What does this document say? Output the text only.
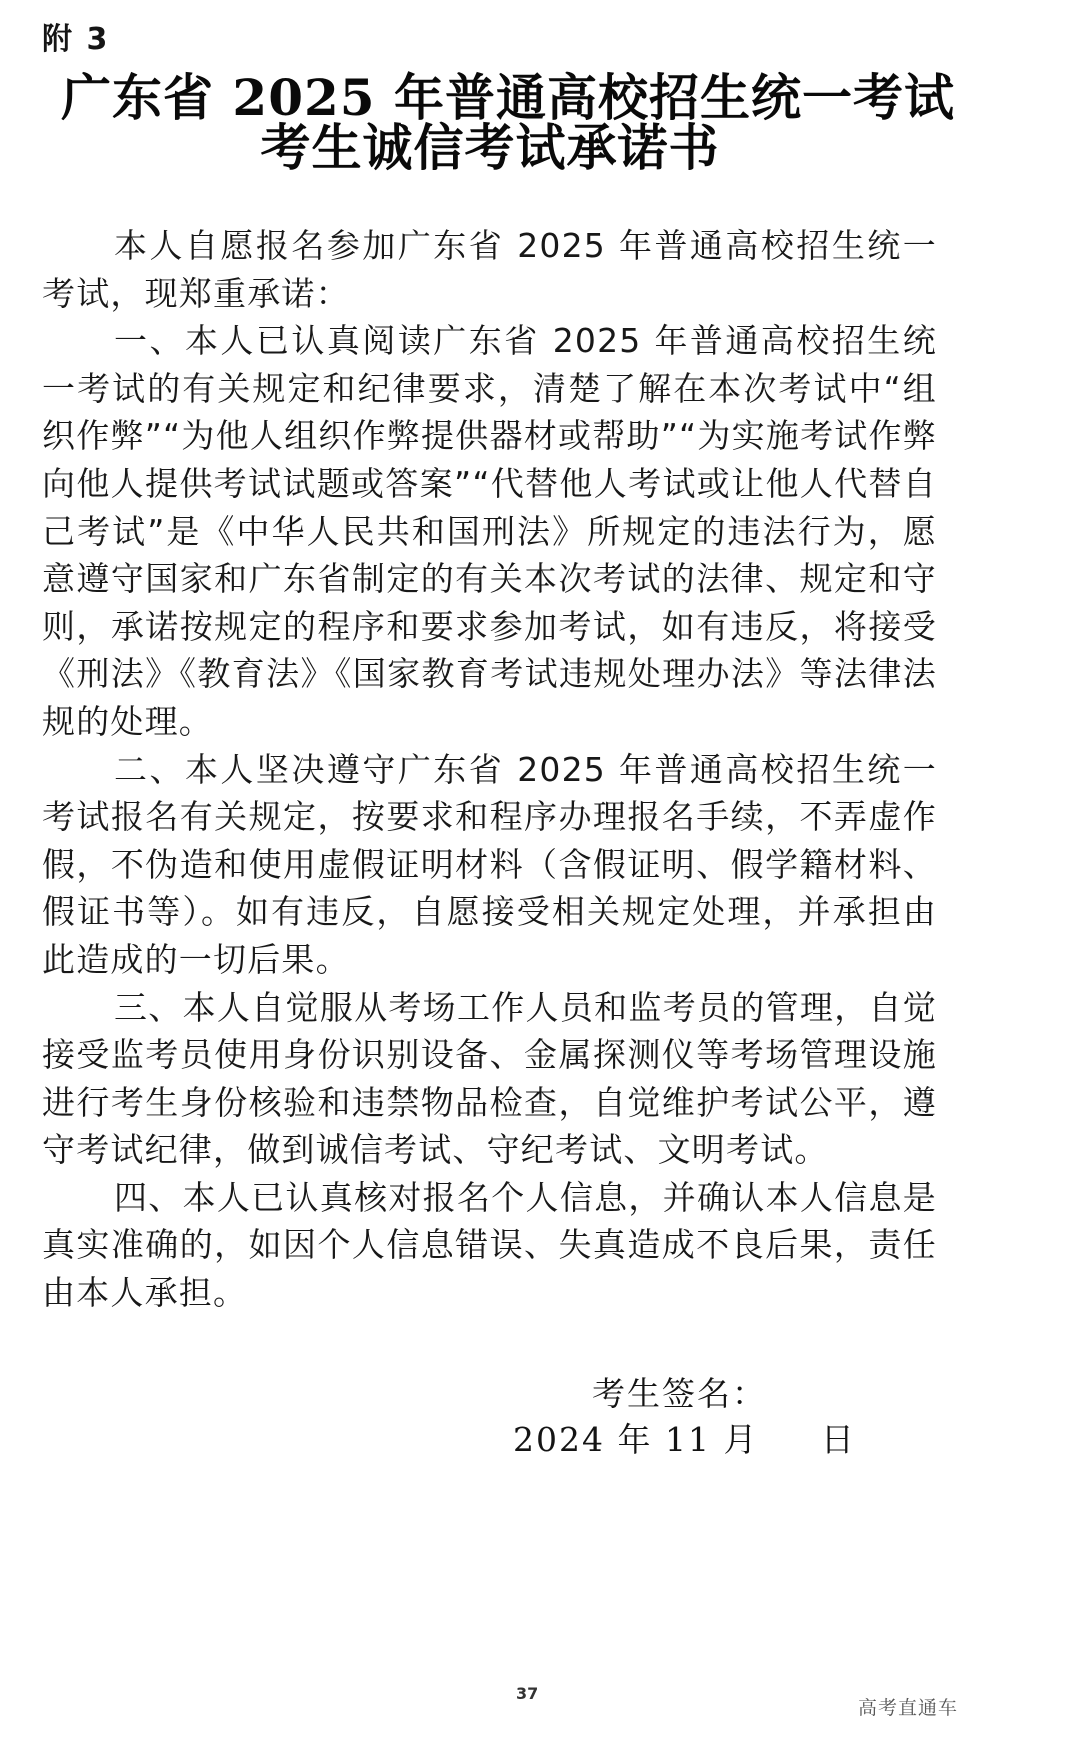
附 3
广东省 2025 年普通高校招生统一考试
考生诚信考试承诺书

本人自愿报名参加广东省 2025 年普通高校招生统一考试，现郑重承诺：

一、本人已认真阅读广东省 2025 年普通高校招生统一考试的有关规定和纪律要求，清楚了解在本次考试中“组织作弊”“为他人组织作弊提供器材或帮助”“为实施考试作弊向他人提供考试试题或答案”“代替他人考试或让他人代替自己考试”是《中华人民共和国刑法》所规定的违法行为，愿意遵守国家和广东省制定的有关本次考试的法律、规定和守则，承诺按规定的程序和要求参加考试，如有违反，将接受《刑法》《教育法》《国家教育考试违规处理办法》等法律法规的处理。

二、本人坚决遵守广东省 2025 年普通高校招生统一考试报名有关规定，按要求和程序办理报名手续，不弄虚作假，不伪造和使用虚假证明材料（含假证明、假学籍材料、假证书等）。如有违反，自愿接受相关规定处理，并承担由此造成的一切后果。

三、本人自觉服从考场工作人员和监考员的管理，自觉接受监考员使用身份识别设备、金属探测仪等考场管理设施进行考生身份核验和违禁物品检查，自觉维护考试公平，遵守考试纪律，做到诚信考试、守纪考试、文明考试。

四、本人已认真核对报名个人信息，并确认本人信息是真实准确的，如因个人信息错误、失真造成不良后果，责任由本人承担。

考生签名：
2024 年 11 月     日
37
高考直通车
